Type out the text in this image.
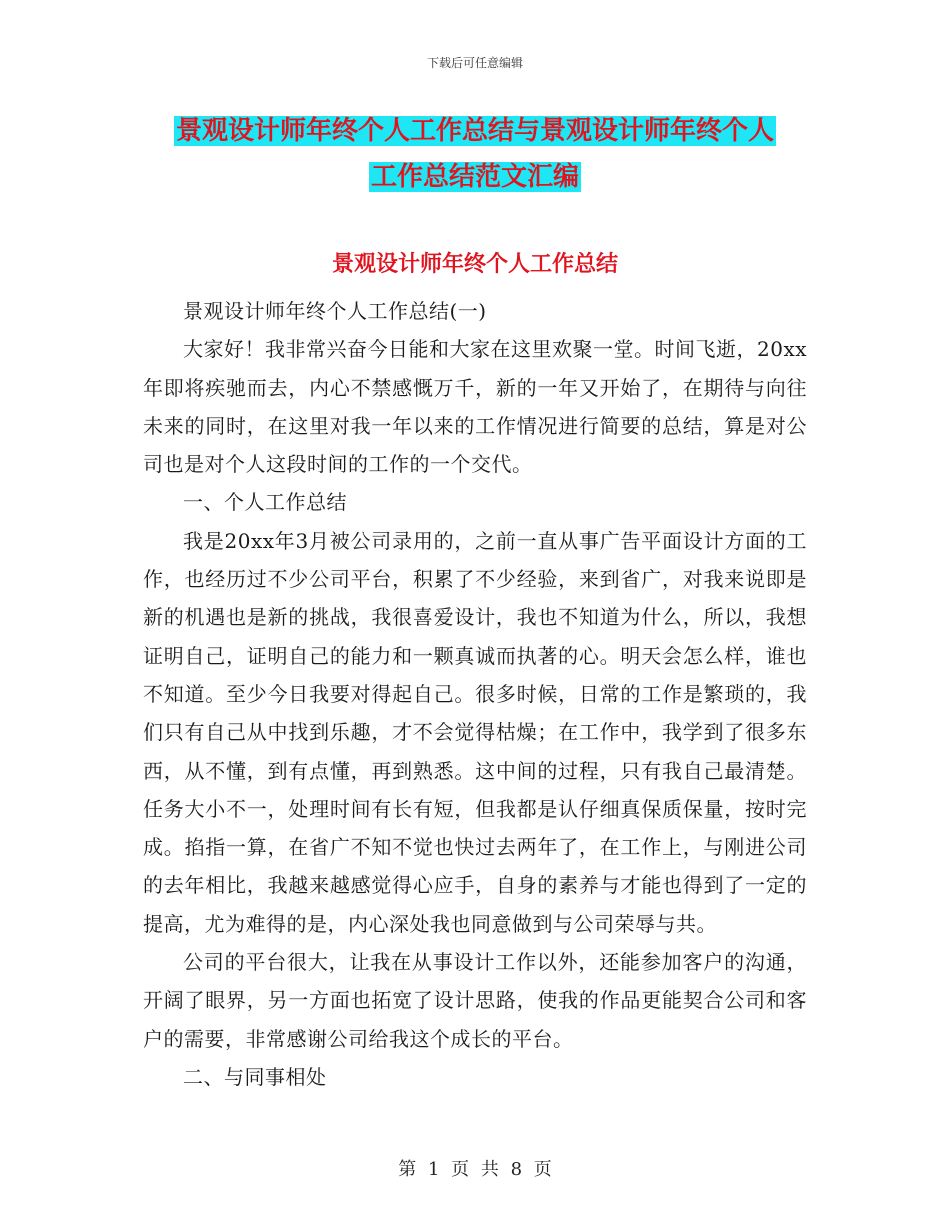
下载后可任意编辑
景观设计师年终个人工作总结与景观设计师年终个人
工作总结范文汇编
景观设计师年终个人工作总结

景观设计师年终个人工作总结(一)

大家好！我非常兴奋今日能和大家在这里欢聚一堂。时间飞逝，20xx年即将疾驰而去，内心不禁感慨万千，新的一年又开始了，在期待与向往未来的同时，在这里对我一年以来的工作情况进行简要的总结，算是对公司也是对个人这段时间的工作的一个交代。

一、个人工作总结

我是20xx年3月被公司录用的，之前一直从事广告平面设计方面的工作，也经历过不少公司平台，积累了不少经验，来到省广，对我来说即是新的机遇也是新的挑战，我很喜爱设计，我也不知道为什么，所以，我想证明自己，证明自己的能力和一颗真诚而执著的心。明天会怎么样，谁也不知道。至少今日我要对得起自己。很多时候，日常的工作是繁琐的，我们只有自己从中找到乐趣，才不会觉得枯燥；在工作中，我学到了很多东西，从不懂，到有点懂，再到熟悉。这中间的过程，只有我自己最清楚。任务大小不一，处理时间有长有短，但我都是认仔细真保质保量，按时完成。掐指一算，在省广不知不觉也快过去两年了，在工作上，与刚进公司的去年相比，我越来越感觉得心应手，自身的素养与才能也得到了一定的提高，尤为难得的是，内心深处我也同意做到与公司荣辱与共。

公司的平台很大，让我在从事设计工作以外，还能参加客户的沟通，开阔了眼界，另一方面也拓宽了设计思路，使我的作品更能契合公司和客户的需要，非常感谢公司给我这个成长的平台。

二、与同事相处

第 1 页 共 8 页
